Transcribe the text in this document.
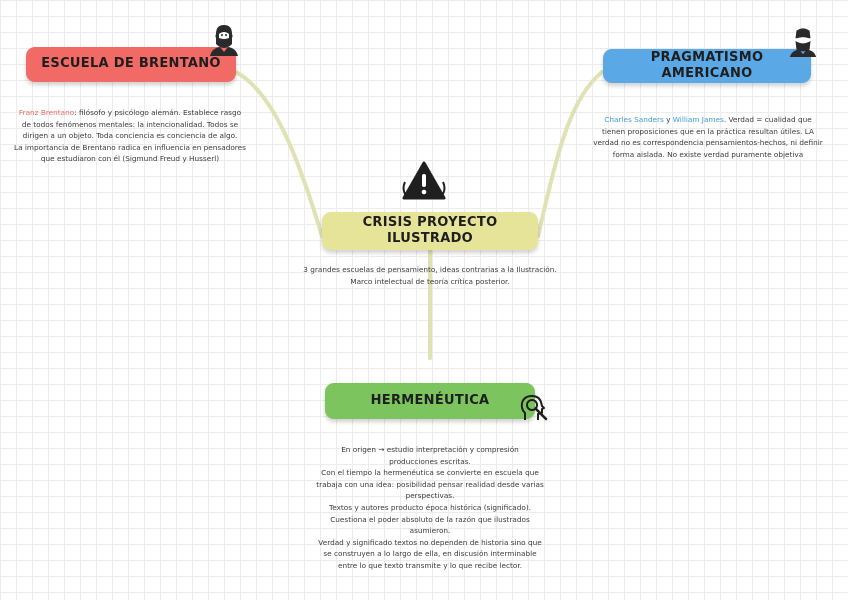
ESCUELA DE BRENTANO
Franz Brentano: filósofo y psicólogo alemán. Establece rasgo
de todos fenómenos mentales: la intencionalidad. Todos se
dirigen a un objeto. Toda conciencia es conciencia de algo.
La importancia de Brentano radica en influencia en pensadores
que estudiaron con él (Sigmund Freud y Husserl)
PRAGMATISMO AMERICANO
Charles Sanders y William James. Verdad = cualidad que
tienen proposiciones que en la práctica resultan útiles. LA
verdad no es correspondencia pensamientos-hechos, ni definir
forma aislada. No existe verdad puramente objetiva
CRISIS PROYECTO
ILUSTRADO
3 grandes escuelas de pensamiento, ideas contrarias a la Ilustración.
Marco intelectual de teoría crítica posterior.
HERMENÉUTICA
En origen → estudio interpretación y compresión
producciones escritas.
Con el tiempo la hermenéutica se convierte en escuela que
trabaja con una idea: posibilidad pensar realidad desde varias
perspectivas.
Textos y autores producto época histórica (significado).
Cuestiona el poder absoluto de la razón que ilustrados
asumieron.
Verdad y significado textos no dependen de historia sino que
se construyen a lo largo de ella, en discusión interminable
entre lo que texto transmite y lo que recibe lector.
